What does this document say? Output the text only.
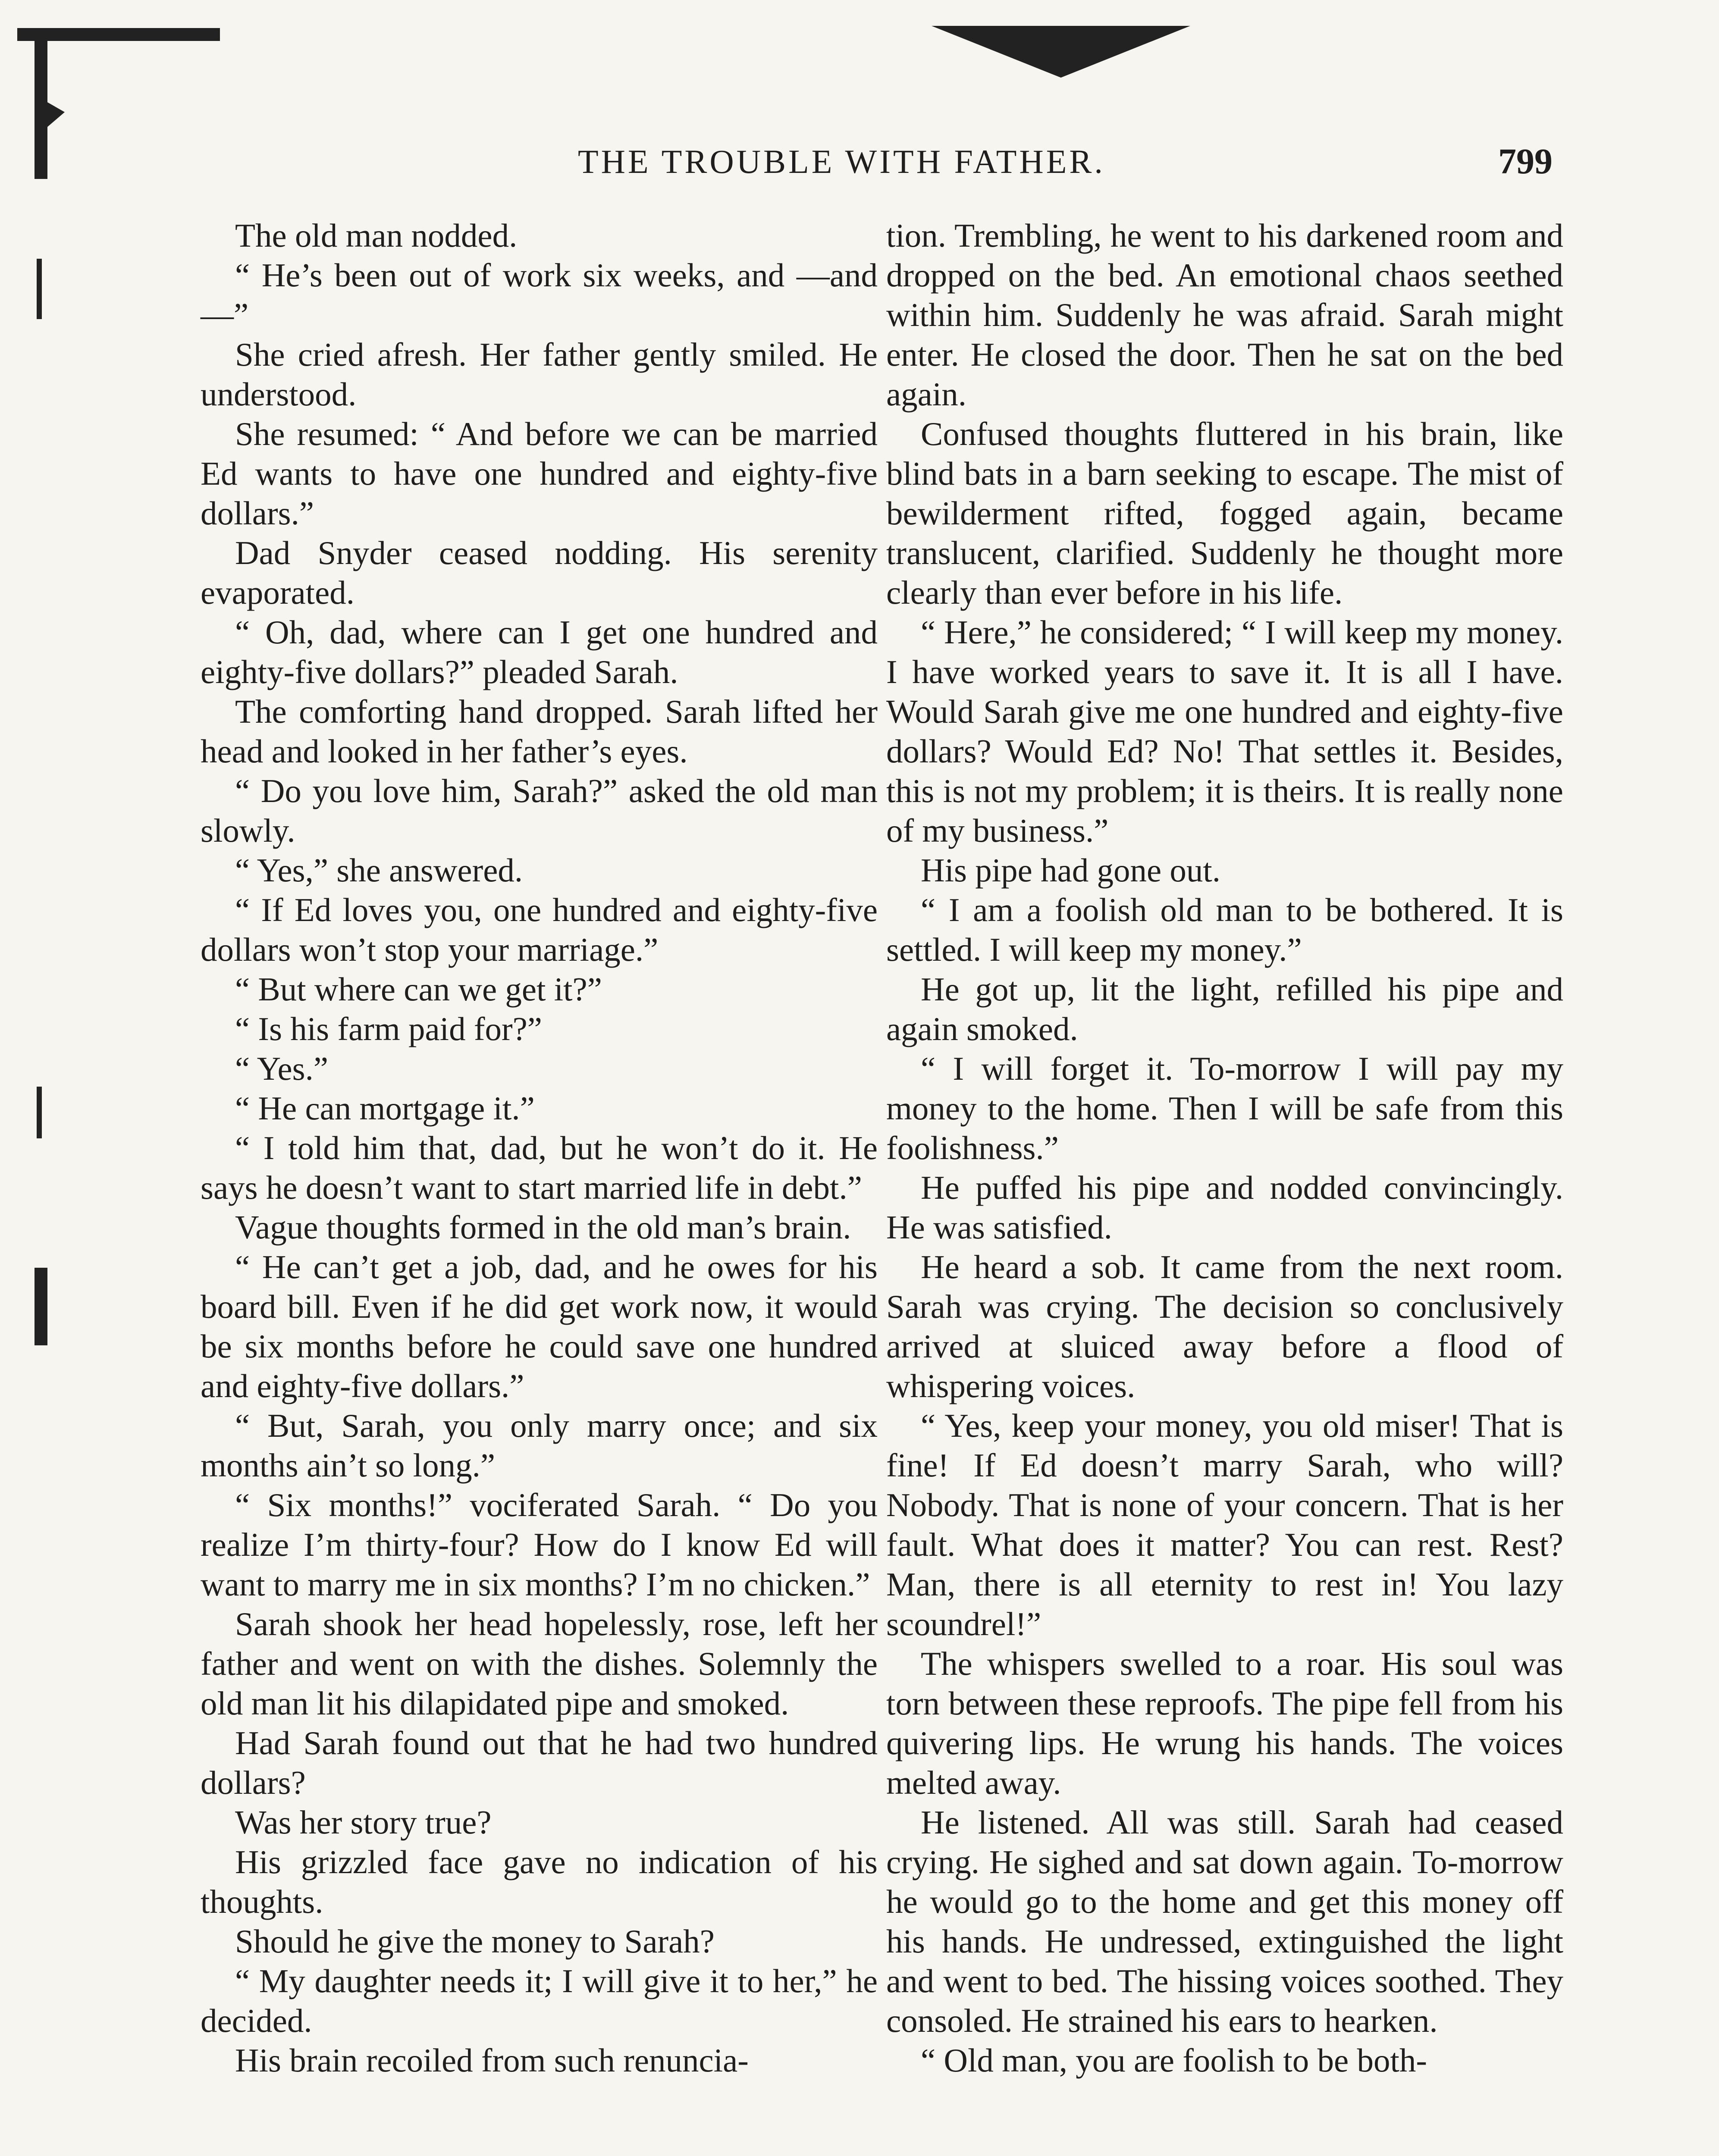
THE TROUBLE WITH FATHER.	799

The old man nodded.

“ He’s been out of work six weeks, and —and—”

She cried afresh. Her father gently smiled. He understood.

She resumed: “ And before we can be married Ed wants to have one hundred and eighty-five dollars.”

Dad Snyder ceased nodding. His serenity evaporated.

“ Oh, dad, where can I get one hundred and eighty-five dollars?” pleaded Sarah.

The comforting hand dropped. Sarah lifted her head and looked in her father’s eyes.

“ Do you love him, Sarah?” asked the old man slowly.

“ Yes,” she answered.

“ If Ed loves you, one hundred and eighty-five dollars won’t stop your marriage.”

“ But where can we get it?”

“ Is his farm paid for?”

“ Yes.”

“ He can mortgage it.”

“ I told him that, dad, but he won’t do it. He says he doesn’t want to start married life in debt.”

Vague thoughts formed in the old man’s brain.

“ He can’t get a job, dad, and he owes for his board bill. Even if he did get work now, it would be six months before he could save one hundred and eighty-five dollars.”

“ But, Sarah, you only marry once; and six months ain’t so long.”

“ Six months!” vociferated Sarah. “ Do you realize I’m thirty-four? How do I know Ed will want to marry me in six months? I’m no chicken.”

Sarah shook her head hopelessly, rose, left her father and went on with the dishes. Solemnly the old man lit his dilapidated pipe and smoked.

Had Sarah found out that he had two hundred dollars?

Was her story true?

His grizzled face gave no indication of his thoughts.

Should he give the money to Sarah?

“ My daughter needs it; I will give it to her,” he decided.

His brain recoiled from such renuncia-

tion. Trembling, he went to his darkened room and dropped on the bed. An emotional chaos seethed within him. Suddenly he was afraid. Sarah might enter. He closed the door. Then he sat on the bed again.

Confused thoughts fluttered in his brain, like blind bats in a barn seeking to escape. The mist of bewilderment rifted, fogged again, became translucent, clarified. Suddenly he thought more clearly than ever before in his life.

“ Here,” he considered; “ I will keep my money. I have worked years to save it. It is all I have. Would Sarah give me one hundred and eighty-five dollars? Would Ed? No! That settles it. Besides, this is not my problem; it is theirs. It is really none of my business.”

His pipe had gone out.

“ I am a foolish old man to be bothered. It is settled. I will keep my money.”

He got up, lit the light, refilled his pipe and again smoked.

“ I will forget it. To-morrow I will pay my money to the home. Then I will be safe from this foolishness.”

He puffed his pipe and nodded convincingly. He was satisfied.

He heard a sob. It came from the next room. Sarah was crying. The decision so conclusively arrived at sluiced away before a flood of whispering voices.

“ Yes, keep your money, you old miser! That is fine! If Ed doesn’t marry Sarah, who will? Nobody. That is none of your concern. That is her fault. What does it matter? You can rest. Rest? Man, there is all eternity to rest in! You lazy scoundrel!”

The whispers swelled to a roar. His soul was torn between these reproofs. The pipe fell from his quivering lips. He wrung his hands. The voices melted away.

He listened. All was still. Sarah had ceased crying. He sighed and sat down again. To-morrow he would go to the home and get this money off his hands. He undressed, extinguished the light and went to bed. The hissing voices soothed. They consoled. He strained his ears to hearken.

“ Old man, you are foolish to be both-
